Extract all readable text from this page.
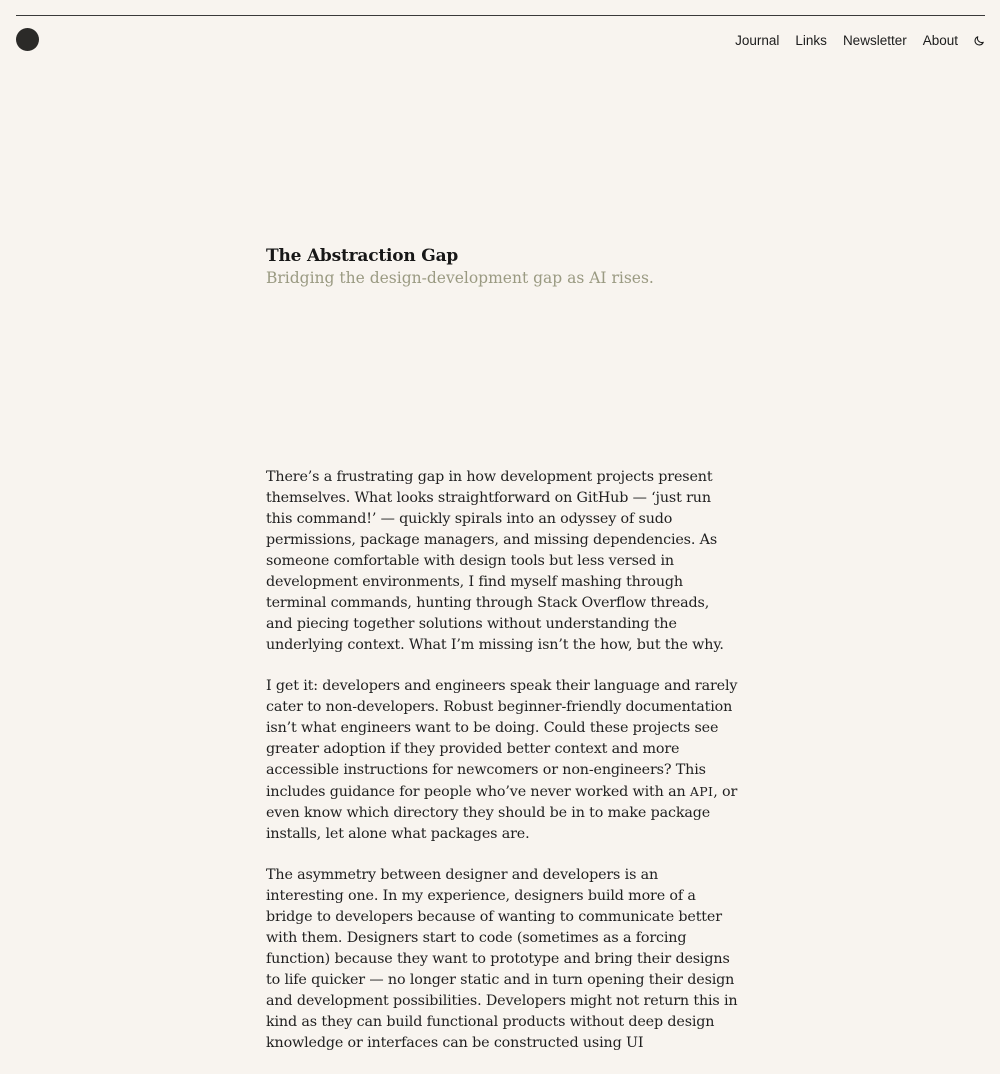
Journal Links Newsletter About
The Abstraction Gap

Bridging the design-development gap as AI rises.

There’s a frustrating gap in how development projects present themselves. What looks straightforward on GitHub — ‘just run this command!’ — quickly spirals into an odyssey of sudo permissions, package managers, and missing dependencies. As someone comfortable with design tools but less versed in development environments, I find myself mashing through terminal commands, hunting through Stack Overflow threads, and piecing together solutions without understanding the underlying context. What I’m missing isn’t the how, but the why.

I get it: developers and engineers speak their language and rarely cater to non-developers. Robust beginner-friendly documentation isn’t what engineers want to be doing. Could these projects see greater adoption if they provided better context and more accessible instructions for newcomers or non-engineers? This includes guidance for people who’ve never worked with an API, or even know which directory they should be in to make package installs, let alone what packages are.

The asymmetry between designer and developers is an interesting one. In my experience, designers build more of a bridge to developers because of wanting to communicate better with them. Designers start to code (sometimes as a forcing function) because they want to prototype and bring their designs to life quicker — no longer static and in turn opening their design and development possibilities. Developers might not return this in kind as they can build functional products without deep design knowledge or interfaces can be constructed using UI
